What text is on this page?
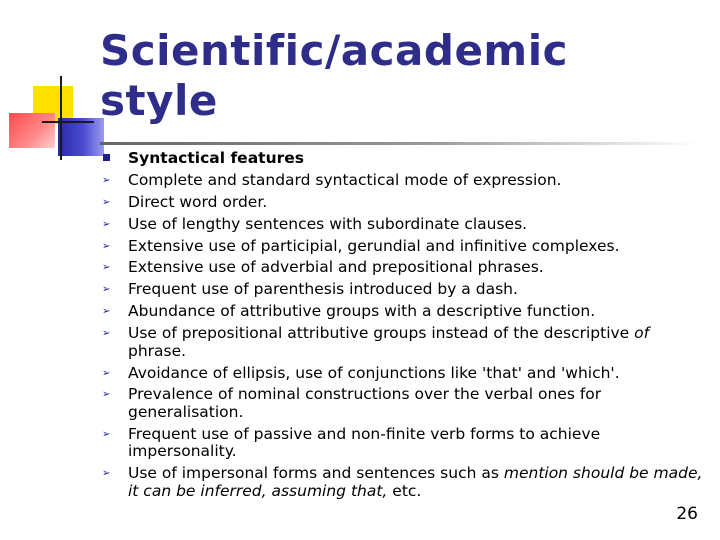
Scientific/academic style
Syntactical features
➢ Complete and standard syntactical mode of expression.
➢ Direct word order.
➢ Use of lengthy sentences with subordinate clauses.
➢ Extensive use of participial, gerundial and infinitive complexes.
➢ Extensive use of adverbial and prepositional phrases.
➢ Frequent use of parenthesis introduced by a dash.
➢ Abundance of attributive groups with a descriptive function.
➢ Use of prepositional attributive groups instead of the descriptive of phrase.
➢ Avoidance of ellipsis, use of conjunctions like 'that' and 'which'.
➢ Prevalence of nominal constructions over the verbal ones for generalisation.
➢ Frequent use of passive and non-finite verb forms to achieve impersonality.
➢ Use of impersonal forms and sentences such as mention should be made, it can be inferred, assuming that, etc.
26
